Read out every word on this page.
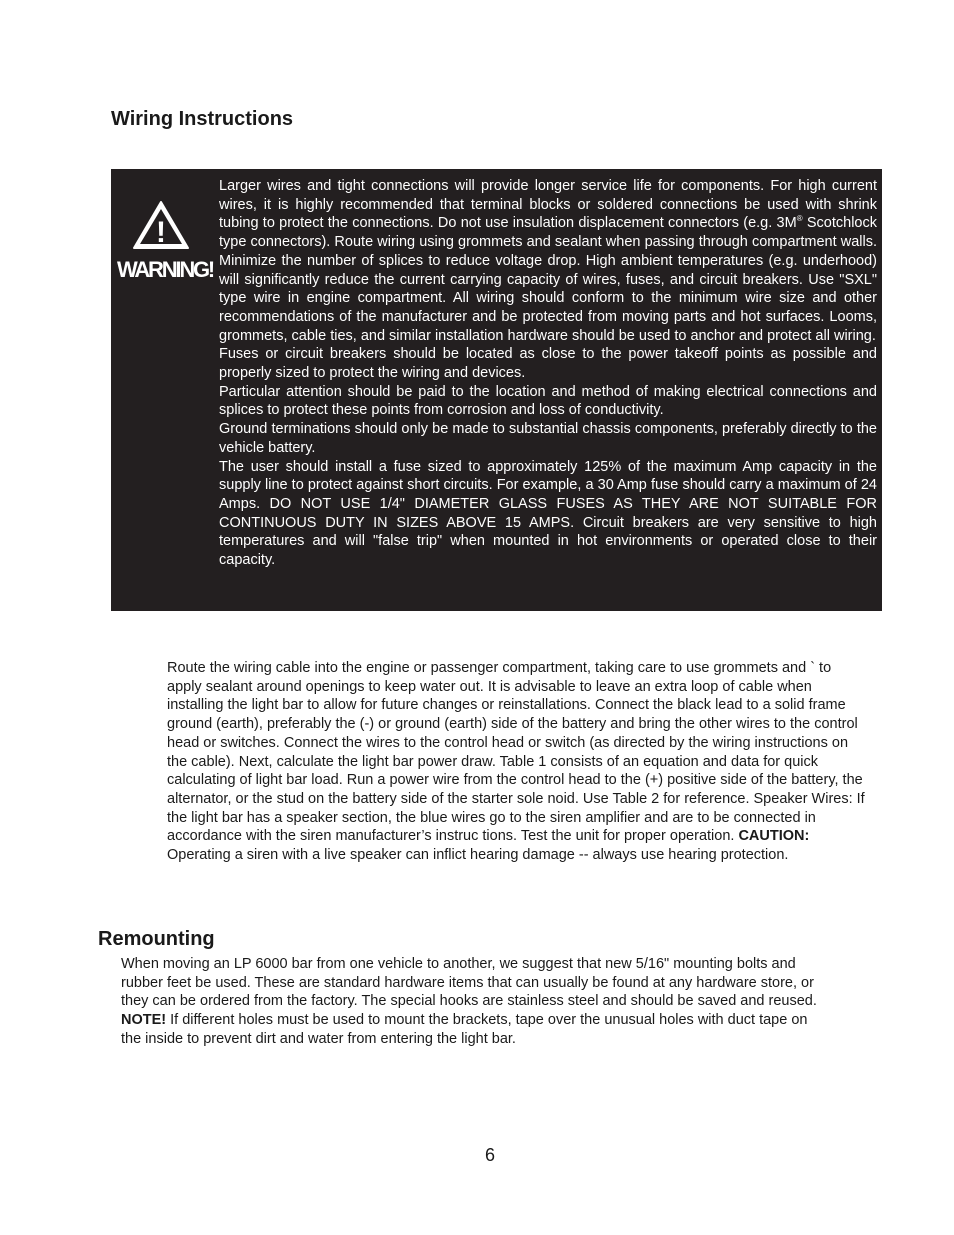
Wiring Instructions
!
WARNING!

Larger wires and tight connections will provide longer service life for components. For high current wires, it is highly recommended that terminal blocks or soldered connections be used with shrink tubing to protect the connections. Do not use insulation displacement connectors (e.g. 3M® Scotchlock type connectors). Route wiring using grommets and sealant when passing through compartment walls. Minimize the number of splices to reduce voltage drop. High ambient temperatures (e.g. underhood) will significantly reduce the current carrying capacity of wires, fuses, and circuit breakers. Use "SXL" type wire in engine compartment. All wiring should conform to the minimum wire size and other recommendations of the manufacturer and be protected from moving parts and hot surfaces. Looms, grommets, cable ties, and similar installation hardware should be used to anchor and protect all wiring.

Fuses or circuit breakers should be located as close to the power takeoff points as possible and properly sized to protect the wiring and devices.

Particular attention should be paid to the location and method of making electrical connections and splices to protect these points from corrosion and loss of conductivity.

Ground terminations should only be made to substantial chassis components, preferably directly to the vehicle battery.

The user should install a fuse sized to approximately 125% of the maximum Amp capacity in the supply line to protect against short circuits. For example, a 30 Amp fuse should carry a maximum of 24 Amps. DO NOT USE 1/4" DIAMETER GLASS FUSES AS THEY ARE NOT SUITABLE FOR CONTINUOUS DUTY IN SIZES ABOVE 15 AMPS. Circuit breakers are very sensitive to high temperatures and will "false trip" when mounted in hot environments or operated close to their capacity.

Route the wiring cable into the engine or passenger compartment, taking care to use grommets and ` to apply sealant around openings to keep water out. It is advisable to leave an extra loop of cable when installing the light bar to allow for future changes or reinstallations. Connect the black lead to a solid frame ground (earth), preferably the (-) or ground (earth) side of the battery and bring the other wires to the control head or switches. Connect the wires to the control head or switch (as directed by the wiring instructions on the cable). Next, calculate the light bar power draw. Table 1 consists of an equation and data for quick calculating of light bar load. Run a power wire from the control head to the (+) positive side of the battery, the alternator, or the stud on the battery side of the starter sole noid. Use Table 2 for reference. Speaker Wires: If the light bar has a speaker section, the blue wires go to the siren amplifier and are to be connected in accordance with the siren manufacturer’s instruc tions. Test the unit for proper operation. CAUTION: Operating a siren with a live speaker can inflict hearing damage -- always use hearing protection.

Remounting

When moving an LP 6000 bar from one vehicle to another, we suggest that new 5/16" mounting bolts and rubber feet be used. These are standard hardware items that can usually be found at any hardware store, or they can be ordered from the factory. The special hooks are stainless steel and should be saved and reused.

NOTE! If different holes must be used to mount the brackets, tape over the unusual holes with duct tape on the inside to prevent dirt and water from entering the light bar.

6
